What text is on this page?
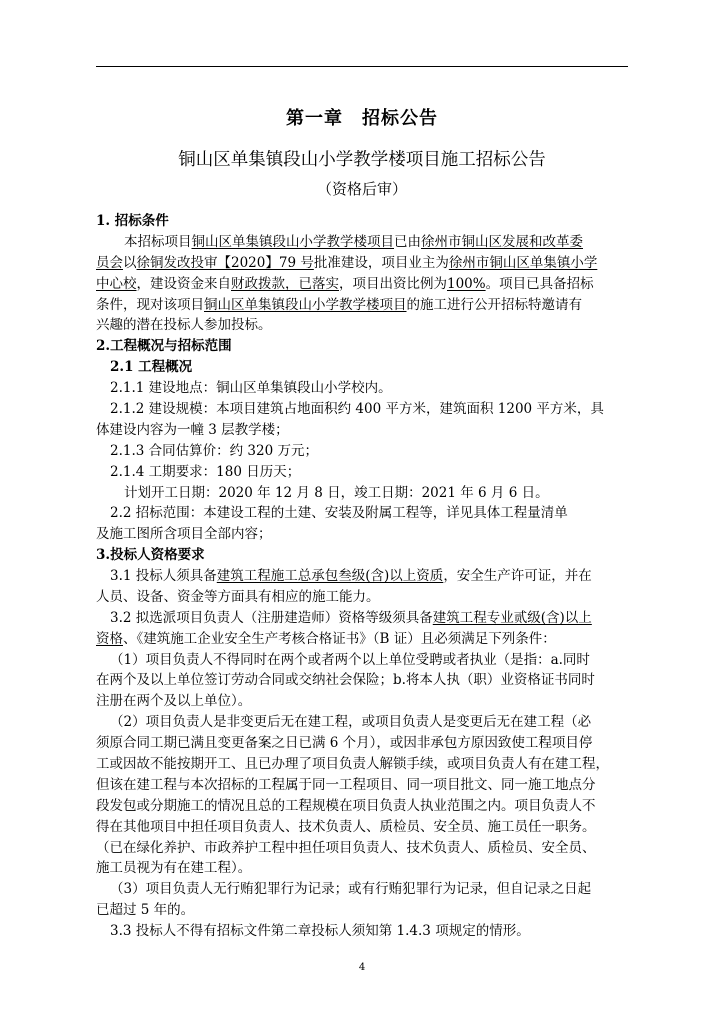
第一章　招标公告
铜山区单集镇段山小学教学楼项目施工招标公告
（资格后审）
1. 招标条件
本招标项目铜山区单集镇段山小学教学楼项目已由徐州市铜山区发展和改革委
员会以徐铜发改投审【2020】79 号批准建设，项目业主为徐州市铜山区单集镇小学
中心校，建设资金来自财政拨款，已落实，项目出资比例为100%。项目已具备招标
条件，现对该项目铜山区单集镇段山小学教学楼项目的施工进行公开招标特邀请有
兴趣的潜在投标人参加投标。
2.工程概况与招标范围
2.1 工程概况
2.1.1 建设地点：铜山区单集镇段山小学校内。
2.1.2 建设规模：本项目建筑占地面积约 400 平方米，建筑面积 1200 平方米，具
体建设内容为一幢 3 层教学楼；
2.1.3 合同估算价：约 320 万元；
2.1.4 工期要求：180 日历天；
计划开工日期：2020 年 12 月 8 日，竣工日期：2021 年 6 月 6 日。
2.2 招标范围：本建设工程的土建、安装及附属工程等，详见具体工程量清单
及施工图所含项目全部内容；
3.投标人资格要求
3.1 投标人须具备建筑工程施工总承包叁级(含)以上资质，安全生产许可证，并在
人员、设备、资金等方面具有相应的施工能力。
3.2 拟选派项目负责人（注册建造师）资格等级须具备建筑工程专业贰级(含)以上
资格、《建筑施工企业安全生产考核合格证书》（B 证）且必须满足下列条件：
（1）项目负责人不得同时在两个或者两个以上单位受聘或者执业（是指：a.同时
在两个及以上单位签订劳动合同或交纳社会保险；b.将本人执（职）业资格证书同时
注册在两个及以上单位）。
（2）项目负责人是非变更后无在建工程，或项目负责人是变更后无在建工程（必
须原合同工期已满且变更备案之日已满 6 个月），或因非承包方原因致使工程项目停
工或因故不能按期开工、且已办理了项目负责人解锁手续，或项目负责人有在建工程，
但该在建工程与本次招标的工程属于同一工程项目、同一项目批文、同一施工地点分
段发包或分期施工的情况且总的工程规模在项目负责人执业范围之内。项目负责人不
得在其他项目中担任项目负责人、技术负责人、质检员、安全员、施工员任一职务。
（已在绿化养护、市政养护工程中担任项目负责人、技术负责人、质检员、安全员、
施工员视为有在建工程）。
（3）项目负责人无行贿犯罪行为记录；或有行贿犯罪行为记录，但自记录之日起
已超过 5 年的。
3.3 投标人不得有招标文件第二章投标人须知第 1.4.3 项规定的情形。
4
